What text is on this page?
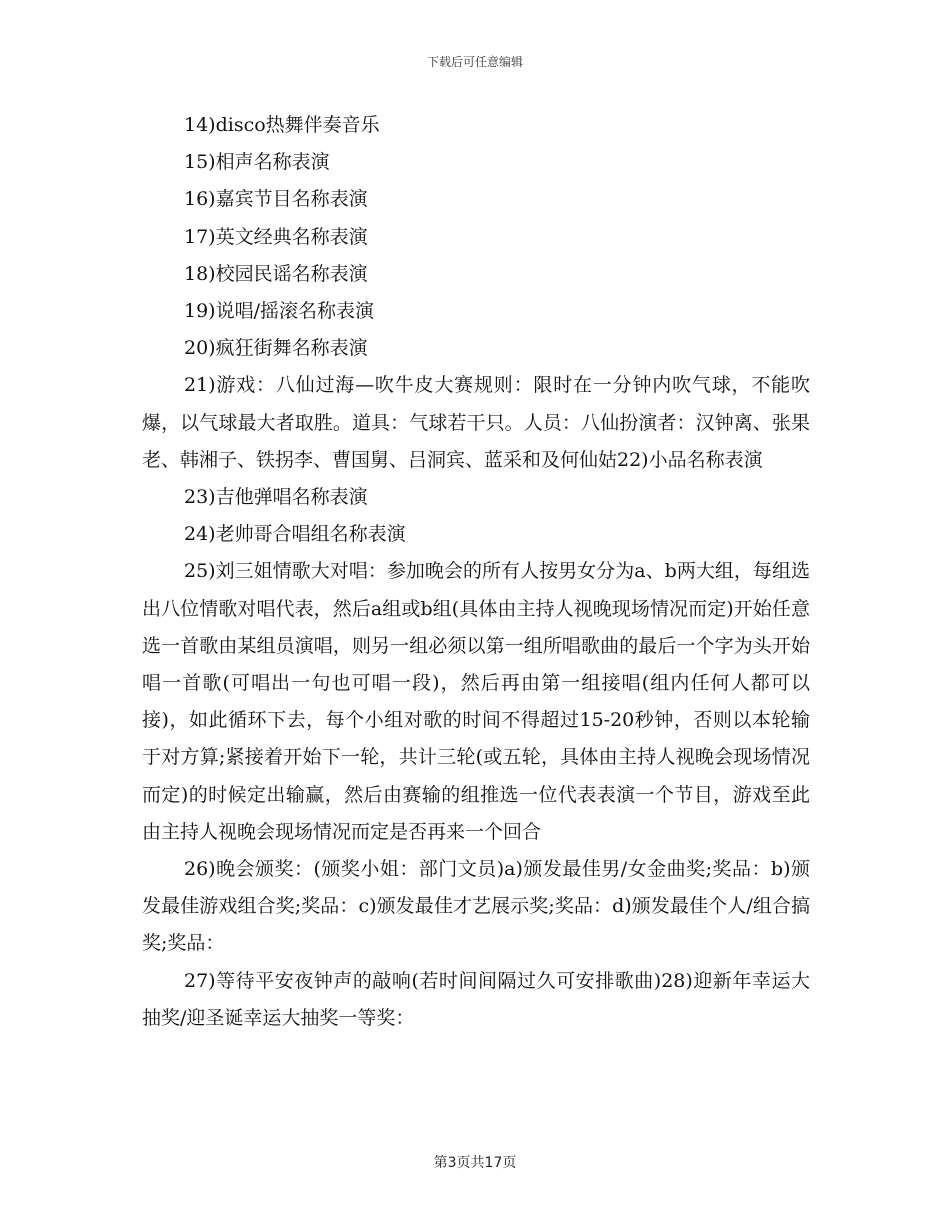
下载后可任意编辑

14)disco热舞伴奏音乐

15)相声名称表演

16)嘉宾节目名称表演

17)英文经典名称表演

18)校园民谣名称表演

19)说唱/摇滚名称表演

20)疯狂街舞名称表演

21)游戏：八仙过海—吹牛皮大赛规则：限时在一分钟内吹气球，不能吹爆，以气球最大者取胜。道具：气球若干只。人员：八仙扮演者：汉钟离、张果老、韩湘子、铁拐李、曹国舅、吕洞宾、蓝采和及何仙姑22)小品名称表演

23)吉他弹唱名称表演

24)老帅哥合唱组名称表演

25)刘三姐情歌大对唱：参加晚会的所有人按男女分为a、b两大组，每组选出八位情歌对唱代表，然后a组或b组(具体由主持人视晚现场情况而定)开始任意选一首歌由某组员演唱，则另一组必须以第一组所唱歌曲的最后一个字为头开始唱一首歌(可唱出一句也可唱一段)，然后再由第一组接唱(组内任何人都可以接)，如此循环下去，每个小组对歌的时间不得超过15-20秒钟，否则以本轮输于对方算;紧接着开始下一轮，共计三轮(或五轮，具体由主持人视晚会现场情况而定)的时候定出输赢，然后由赛输的组推选一位代表表演一个节目，游戏至此由主持人视晚会现场情况而定是否再来一个回合

26)晚会颁奖：(颁奖小姐：部门文员)a)颁发最佳男/女金曲奖;奖品：b)颁发最佳游戏组合奖;奖品：c)颁发最佳才艺展示奖;奖品：d)颁发最佳个人/组合搞奖;奖品：

27)等待平安夜钟声的敲响(若时间间隔过久可安排歌曲)28)迎新年幸运大抽奖/迎圣诞幸运大抽奖一等奖：

第3页共17页
